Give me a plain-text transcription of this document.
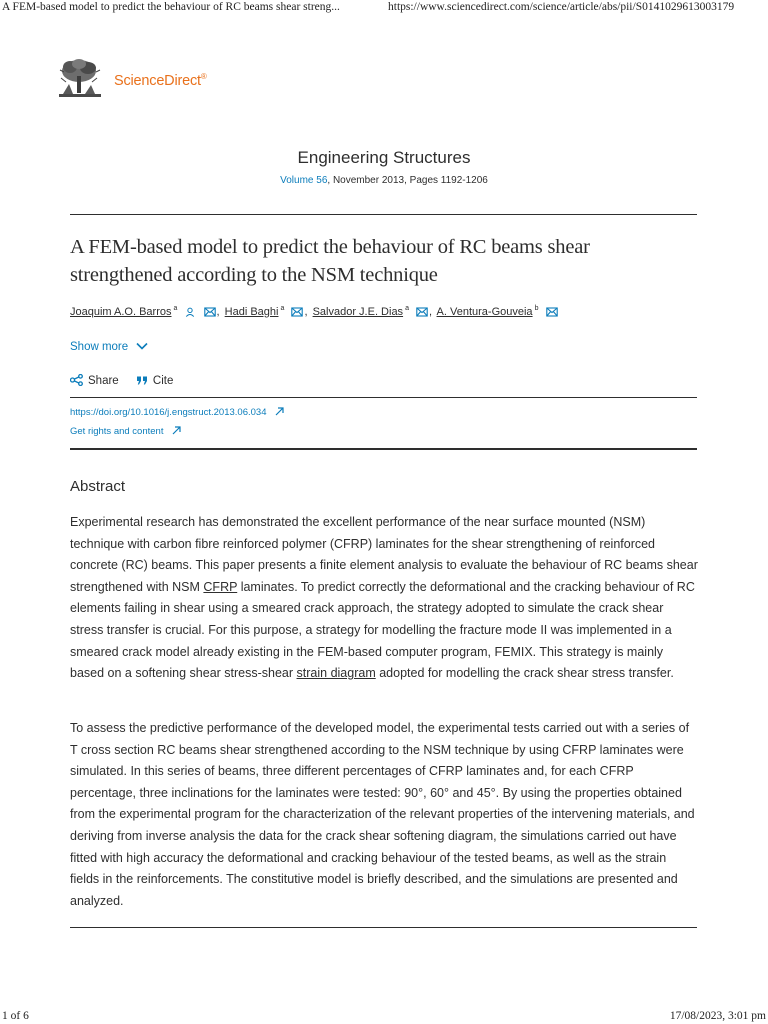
A FEM-based model to predict the behaviour of RC beams shear streng...	https://www.sciencedirect.com/science/article/abs/pii/S0141029613003179
ScienceDirect®
Engineering Structures
Volume 56, November 2013, Pages 1192-1206
A FEM-based model to predict the behaviour of RC beams shear strengthened according to the NSM technique
Joaquim A.O. Barros $^a$	, Hadi Baghi $^a$ , Salvador J.E. Dias $^a$ , A. Ventura-Gouveia $^b$
Show more
Share	Cite
https://doi.org/10.1016/j.engstruct.2013.06.034
Get rights and content
Abstract
Experimental research has demonstrated the excellent performance of the near surface mounted (NSM) technique with carbon fibre reinforced polymer (CFRP) laminates for the shear strengthening of reinforced concrete (RC) beams. This paper presents a finite element analysis to evaluate the behaviour of RC beams shear strengthened with NSM CFRP laminates. To predict correctly the deformational and the cracking behaviour of RC elements failing in shear using a smeared crack approach, the strategy adopted to simulate the crack shear stress transfer is crucial. For this purpose, a strategy for modelling the fracture mode II was implemented in a smeared crack model already existing in the FEM-based computer program, FEMIX. This strategy is mainly based on a softening shear stress-shear strain diagram adopted for modelling the crack shear stress transfer.
To assess the predictive performance of the developed model, the experimental tests carried out with a series of T cross section RC beams shear strengthened according to the NSM technique by using CFRP laminates were simulated. In this series of beams, three different percentages of CFRP laminates and, for each CFRP percentage, three inclinations for the laminates were tested: 90°, 60° and 45°. By using the properties obtained from the experimental program for the characterization of the relevant properties of the intervening materials, and deriving from inverse analysis the data for the crack shear softening diagram, the simulations carried out have fitted with high accuracy the deformational and cracking behaviour of the tested beams, as well as the strain fields in the reinforcements. The constitutive model is briefly described, and the simulations are presented and analyzed.
1 of 6	17/08/2023, 3:01 pm
